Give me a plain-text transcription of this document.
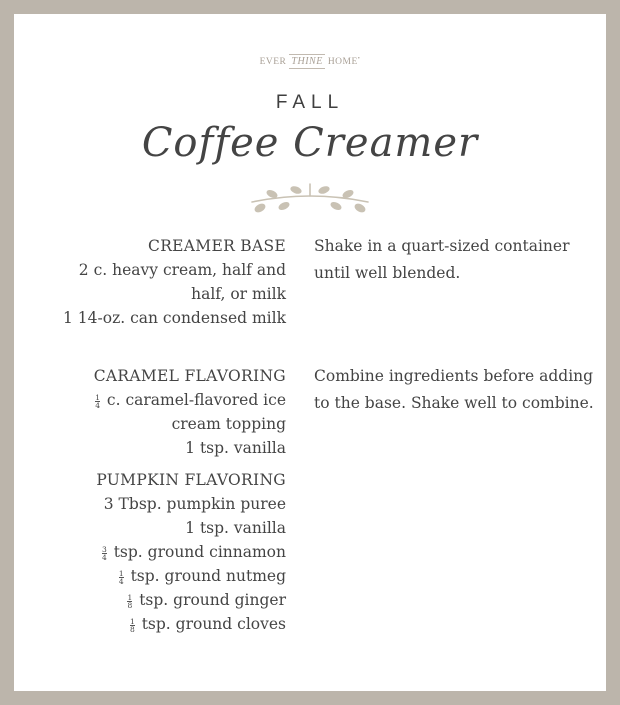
EVER THINE HOME•
FALL
Coffee Creamer
CREAMER BASE
2 c. heavy cream, half and
half, or milk
1 14-oz. can condensed milk
Shake in a quart-sized container until well blended.
CARAMEL FLAVORING
$\frac{1}{4} c$. caramel-flavored ice
cream topping
1 tsp. vanilla
Combine ingredients before adding to the base. Shake well to combine.
PUMPKIN FLAVORING
3 Tbsp. pumpkin puree
1 tsp. vanilla
$\frac{3}{4}$ tsp. ground cinnamon
$\frac{1}{4}$ tsp. ground nutmeg
$\frac{1}{8}$ tsp. ground ginger
$\frac{1}{8}$ tsp. ground cloves
